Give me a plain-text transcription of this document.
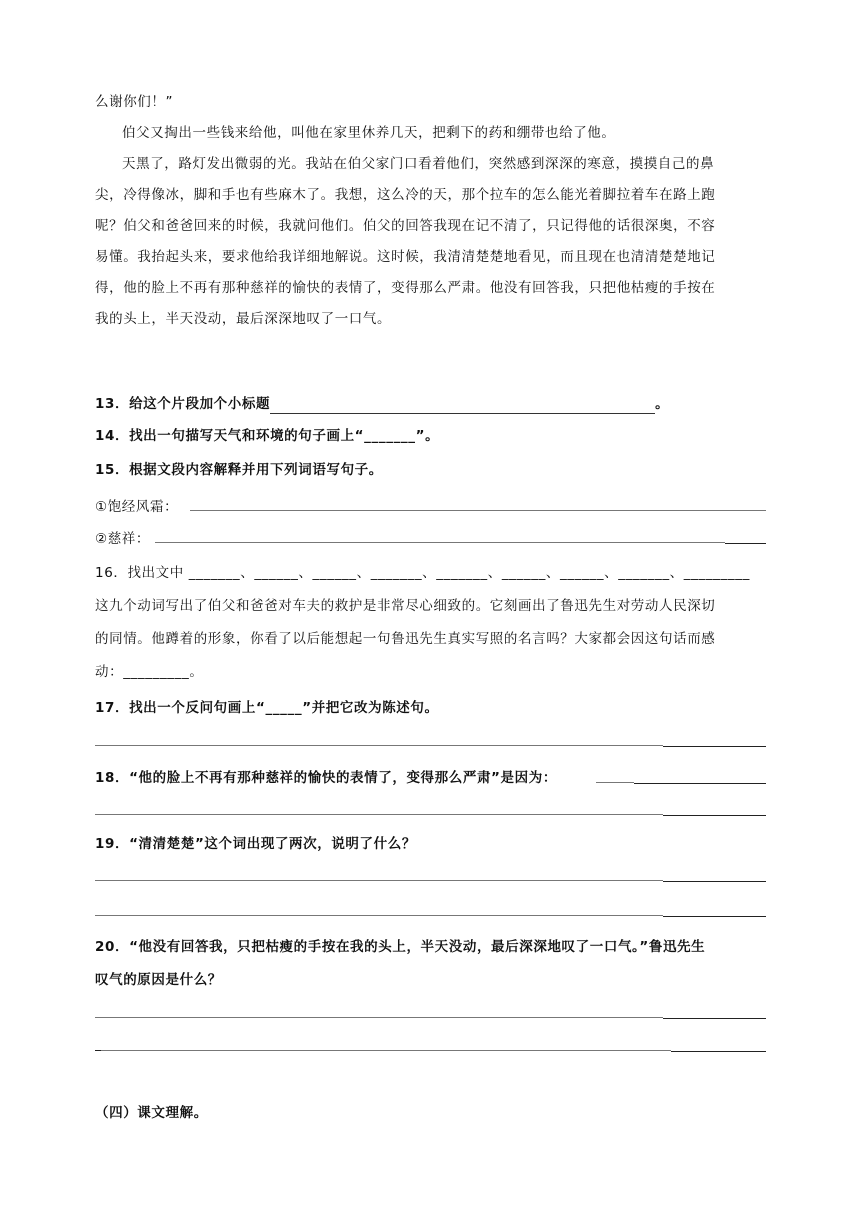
么谢你们！”
伯父又掏出一些钱来给他，叫他在家里休养几天，把剩下的药和绷带也给了他。
天黑了，路灯发出微弱的光。我站在伯父家门口看着他们，突然感到深深的寒意，摸摸自己的鼻
尖，冷得像冰，脚和手也有些麻木了。我想，这么冷的天，那个拉车的怎么能光着脚拉着车在路上跑
呢？伯父和爸爸回来的时候，我就问他们。伯父的回答我现在记不清了，只记得他的话很深奥，不容
易懂。我抬起头来，要求他给我详细地解说。这时候，我清清楚楚地看见，而且现在也清清楚楚地记
得，他的脸上不再有那种慈祥的愉快的表情了，变得那么严肃。他没有回答我，只把他枯瘦的手按在
我的头上，半天没动，最后深深地叹了一口气。
13．给这个片段加个小标题	。
14．找出一句描写天气和环境的句子画上“_______”。
15．根据文段内容解释并用下列词语写句子。
①饱经风霜：
②慈祥：
16．找出文中 _______、______、______、_______、_______、______、______、_______、_________
这九个动词写出了伯父和爸爸对车夫的救护是非常尽心细致的。它刻画出了鲁迅先生对劳动人民深切
的同情。他蹲着的形象，你看了以后能想起一句鲁迅先生真实写照的名言吗？大家都会因这句话而感
动：_________。
17．找出一个反问句画上“_____”并把它改为陈述句。
18．“他的脸上不再有那种慈祥的愉快的表情了，变得那么严肃”是因为：
19．“清清楚楚”这个词出现了两次，说明了什么？
20．“他没有回答我，只把枯瘦的手按在我的头上，半天没动，最后深深地叹了一口气。”鲁迅先生
叹气的原因是什么？
（四）课文理解。
